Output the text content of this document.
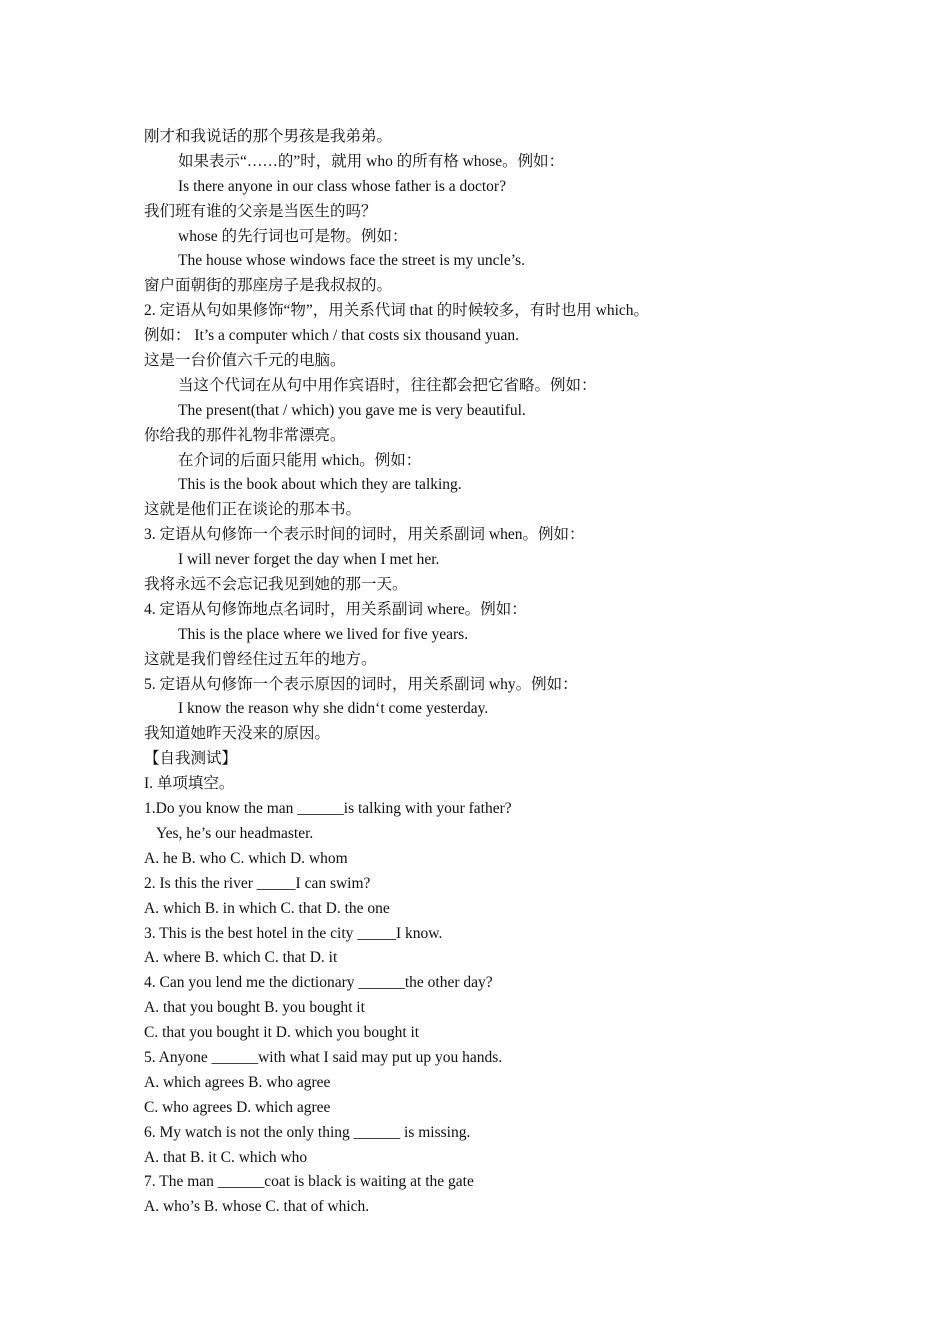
刚才和我说话的那个男孩是我弟弟。
如果表示“……的”时，就用 who 的所有格 whose。例如：
Is there anyone in our class whose father is a doctor?
我们班有谁的父亲是当医生的吗？
whose 的先行词也可是物。例如：
The house whose windows face the street is my uncle’s.
窗户面朝街的那座房子是我叔叔的。
2. 定语从句如果修饰“物”，用关系代词 that 的时候较多，有时也用 which。
例如： It’s a computer which / that costs six thousand yuan.
这是一台价值六千元的电脑。
当这个代词在从句中用作宾语时，往往都会把它省略。例如：
The present(that / which) you gave me is very beautiful.
你给我的那件礼物非常漂亮。
在介词的后面只能用 which。例如：
This is the book about which they are talking.
这就是他们正在谈论的那本书。
3. 定语从句修饰一个表示时间的词时，用关系副词 when。例如：
I will never forget the day when I met her.
我将永远不会忘记我见到她的那一天。
4. 定语从句修饰地点名词时，用关系副词 where。例如：
This is the place where we lived for five years.
这就是我们曾经住过五年的地方。
5. 定语从句修饰一个表示原因的词时，用关系副词 why。例如：
I know the reason why she didn‘t come yesterday.
我知道她昨天没来的原因。
【自我测试】
I. 单项填空。
1.Do you know the man ______is talking with your father?
Yes, he’s our headmaster.
A. he B. who C. which D. whom
2. Is this the river _____I can swim?
A. which B. in which C. that D. the one
3. This is the best hotel in the city _____I know.
A. where B. which C. that D. it
4. Can you lend me the dictionary ______the other day?
A. that you bought B. you bought it
C. that you bought it D. which you bought it
5. Anyone ______with what I said may put up you hands.
A. which agrees B. who agree
C. who agrees D. which agree
6. My watch is not the only thing ______ is missing.
A. that B. it C. which who
7. The man ______coat is black is waiting at the gate
A. who’s B. whose C. that of which.
